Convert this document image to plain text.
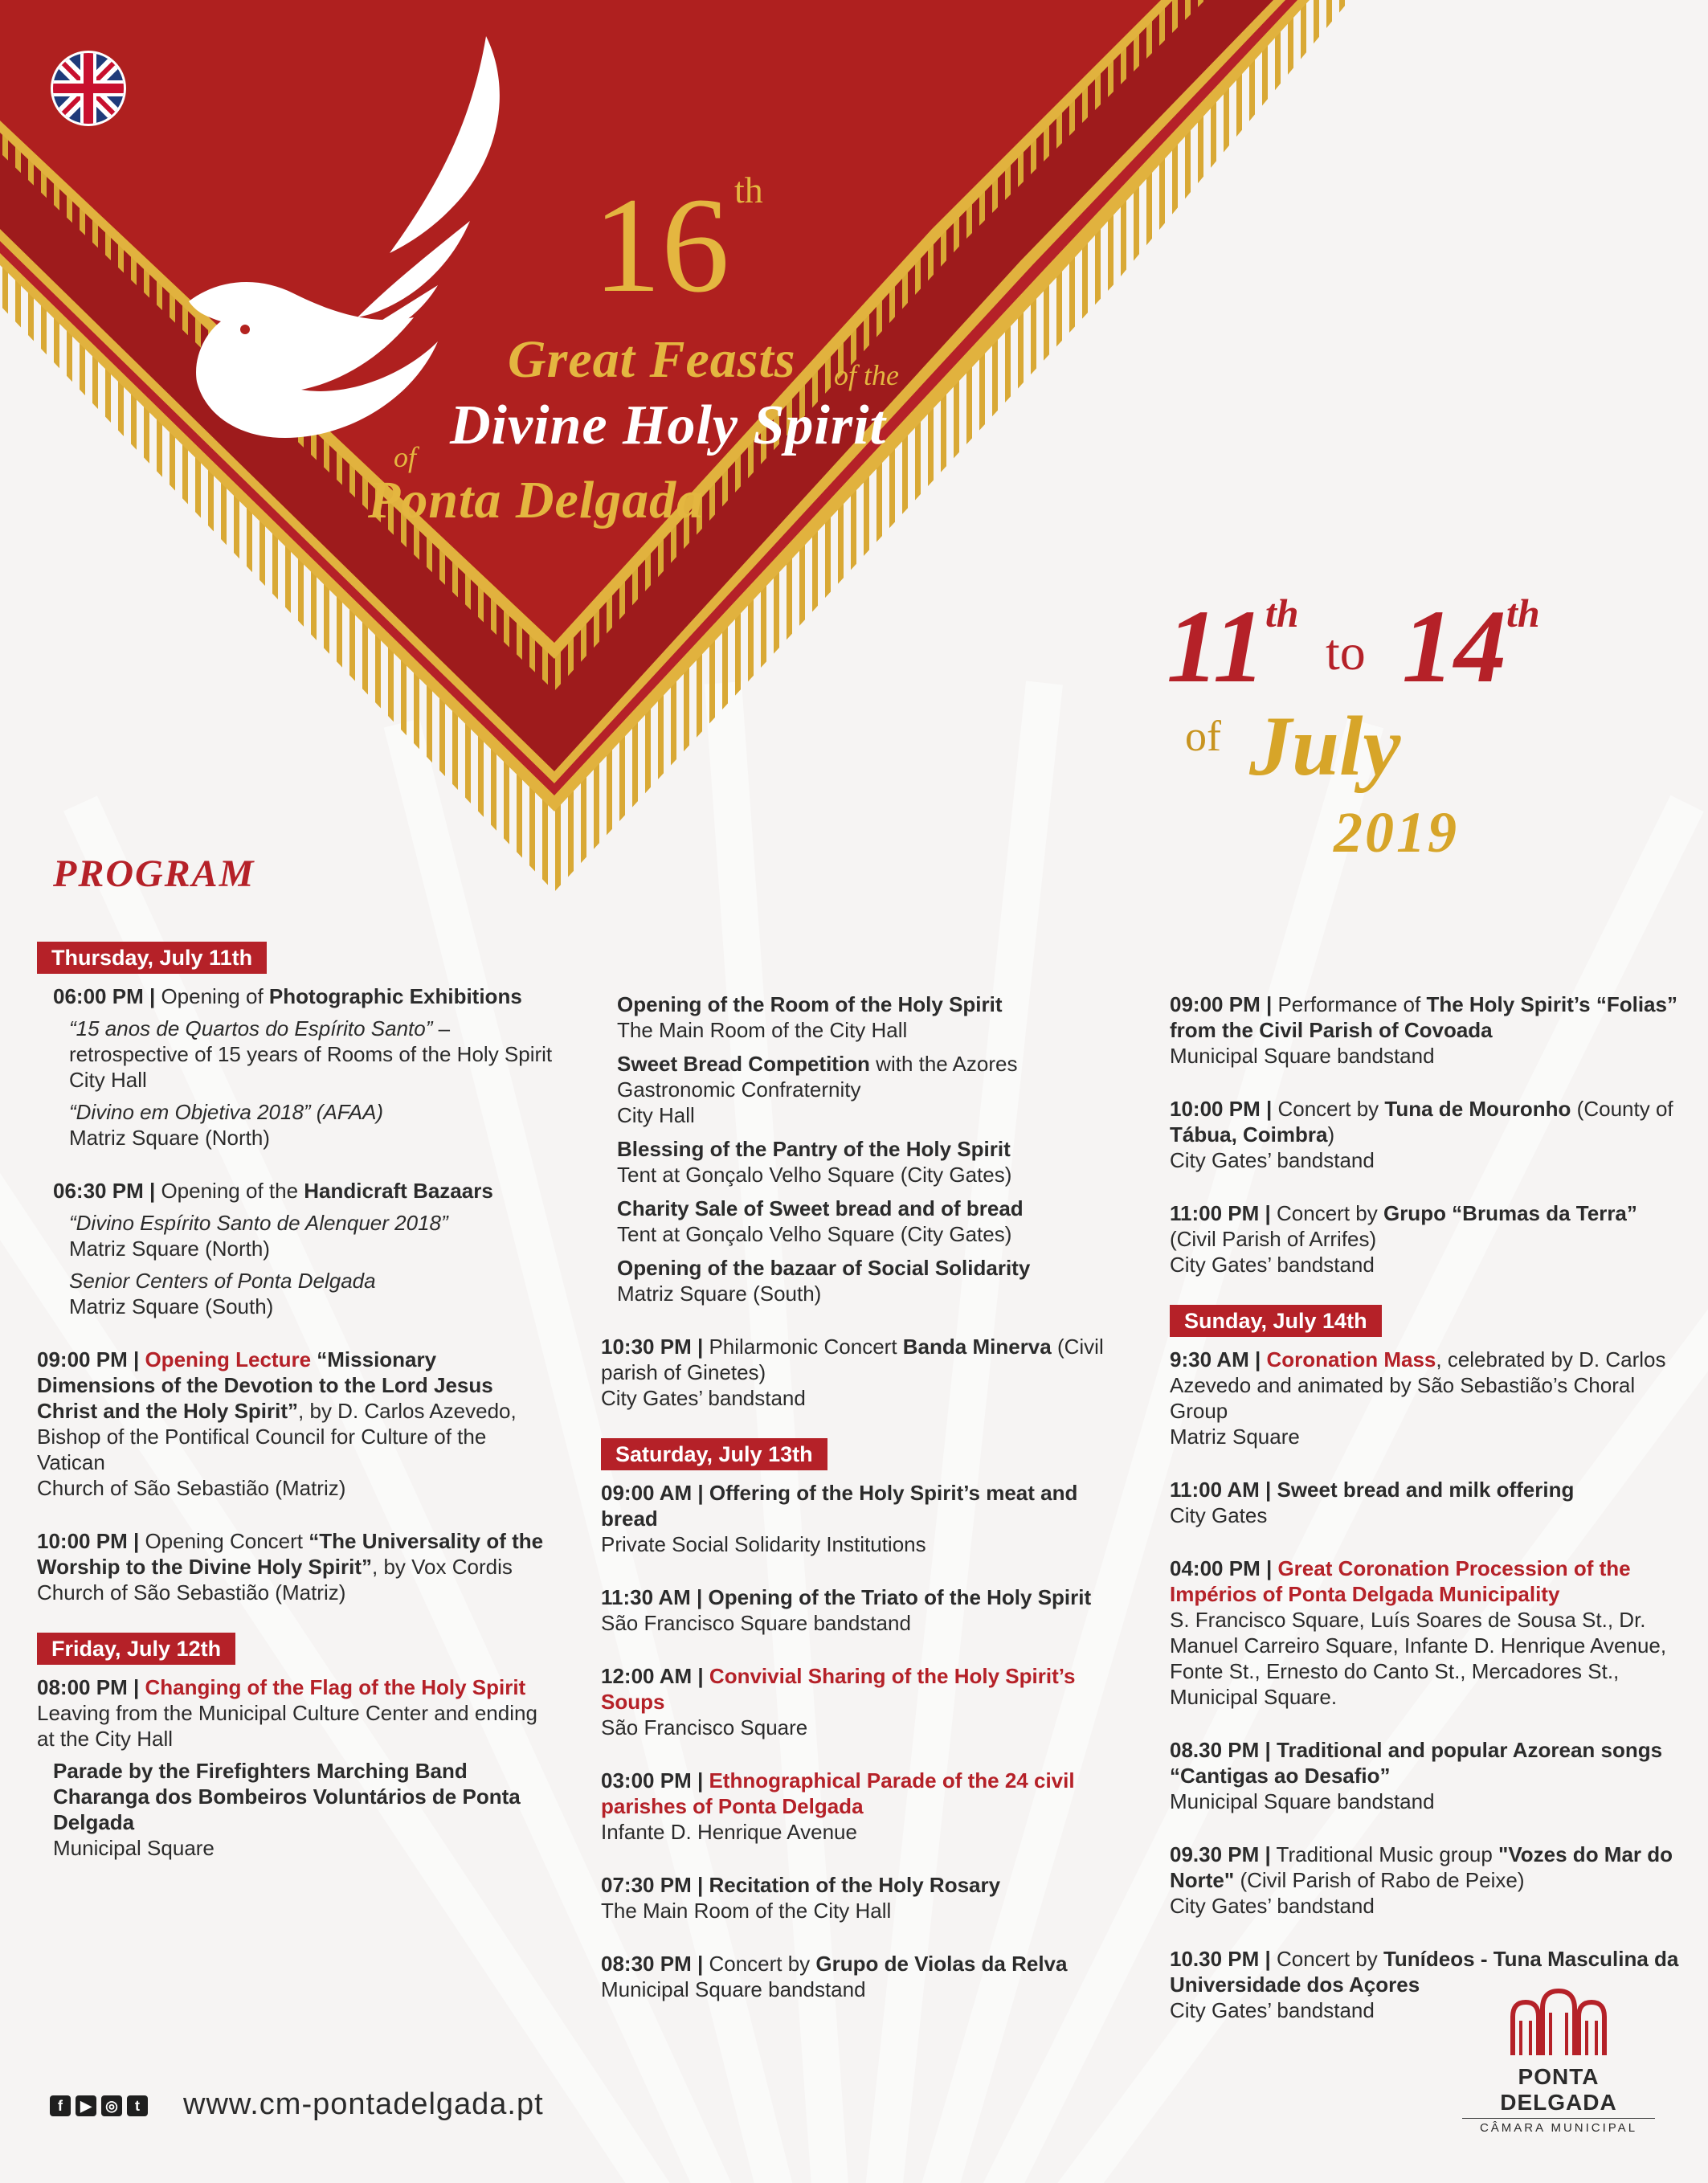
16 $^{th}$
Great Feasts of the
Divine Holy Spirit
of
Ponta Delgada
11th
to 14th
of July
2019
PROGRAM
Thursday, July 11th
06:00 PM | Opening of Photographic Exhibitions
“15 anos de Quartos do Espírito Santo” – retrospective of 15 years of Rooms of the Holy Spirit
City Hall
“Divino em Objetiva 2018” (AFAA)
Matriz Square (North)
06:30 PM | Opening of the Handicraft Bazaars
“Divino Espírito Santo de Alenquer 2018”
Matriz Square (North)
Senior Centers of Ponta Delgada
Matriz Square (South)
09:00 PM | Opening Lecture “Missionary Dimensions of the Devotion to the Lord Jesus Christ and the Holy Spirit”, by D. Carlos Azevedo, Bishop of the Pontifical Council for Culture of the Vatican
Church of São Sebastião (Matriz)
10:00 PM | Opening Concert “The Universality of the Worship to the Divine Holy Spirit”, by Vox Cordis
Church of São Sebastião (Matriz)
Friday, July 12th
08:00 PM | Changing of the Flag of the Holy Spirit
Leaving from the Municipal Culture Center and ending at the City Hall
Parade by the Firefighters Marching Band Charanga dos Bombeiros Voluntários de Ponta Delgada
Municipal Square
Opening of the Room of the Holy Spirit
The Main Room of the City Hall
Sweet Bread Competition with the Azores Gastronomic Confraternity
City Hall
Blessing of the Pantry of the Holy Spirit
Tent at Gonçalo Velho Square (City Gates)
Charity Sale of Sweet bread and of bread
Tent at Gonçalo Velho Square (City Gates)
Opening of the bazaar of Social Solidarity
Matriz Square (South)
10:30 PM | Philarmonic Concert Banda Minerva (Civil parish of Ginetes)
City Gates’ bandstand
Saturday, July 13th
09:00 AM | Offering of the Holy Spirit’s meat and bread
Private Social Solidarity Institutions
11:30 AM | Opening of the Triato of the Holy Spirit
São Francisco Square bandstand
12:00 AM | Convivial Sharing of the Holy Spirit’s Soups
São Francisco Square
03:00 PM | Ethnographical Parade of the 24 civil parishes of Ponta Delgada
Infante D. Henrique Avenue
07:30 PM | Recitation of the Holy Rosary
The Main Room of the City Hall
08:30 PM | Concert by Grupo de Violas da Relva
Municipal Square bandstand
09:00 PM | Performance of The Holy Spirit’s “Folias” from the Civil Parish of Covoada
Municipal Square bandstand
10:00 PM | Concert by Tuna de Mouronho (County of Tábua, Coimbra)
City Gates’ bandstand
11:00 PM | Concert by Grupo “Brumas da Terra” (Civil Parish of Arrifes)
City Gates’ bandstand
Sunday, July 14th
9:30 AM | Coronation Mass, celebrated by D. Carlos Azevedo and animated by São Sebastião’s Choral Group
Matriz Square
11:00 AM | Sweet bread and milk offering
City Gates
04:00 PM | Great Coronation Procession of the Impérios of Ponta Delgada Municipality
S. Francisco Square, Luís Soares de Sousa St., Dr. Manuel Carreiro Square, Infante D. Henrique Avenue, Fonte St., Ernesto do Canto St., Mercadores St., Municipal Square.
08.30 PM | Traditional and popular Azorean songs “Cantigas ao Desafio”
Municipal Square bandstand
09.30 PM | Traditional Music group "Vozes do Mar do Norte" (Civil Parish of Rabo de Peixe)
City Gates’ bandstand
10.30 PM | Concert by Tunídeos - Tuna Masculina da Universidade dos Açores
City Gates’ bandstand
f	▶ ◎	t www.cm-pontadelgada.pt
PONTA DELGADA
CÂMARA MUNICIPAL
